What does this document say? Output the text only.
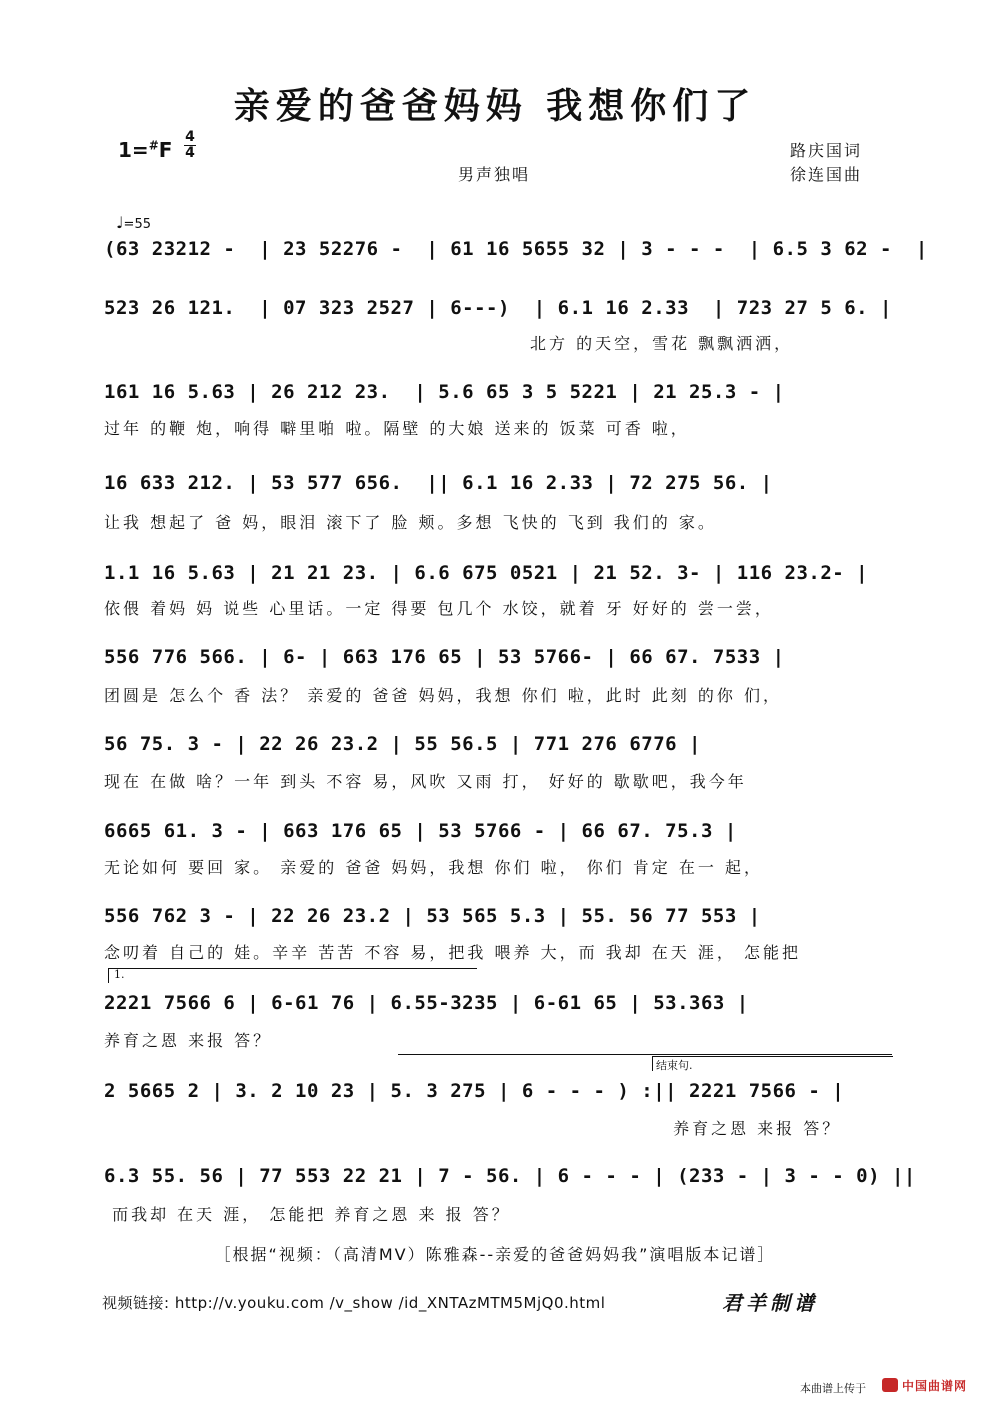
亲爱的爸爸妈妈 我想你们了
1=#F
4
4	路庆国词
徐连国曲
男声独唱
♩=55
(63 23212 -  | 23 52276 -  | 61 16 5655 32 | 3 - - -  | 6.5 3 62 -  |
523 26 121.  | 07 323 2527 | 6---)  | 6.1 16 2.33  | 723 27 5 6. |
北方 的天空，雪花 飘飘洒洒，
161 16 5.63 | 26 212 23.  | 5.6 65 3 5 5221 | 21 25.3 - |
过年 的鞭 炮，响得 噼里啪 啦。隔壁 的大娘 送来的 饭菜 可香 啦，
16 633 212. | 53 577 656.  || 6.1 16 2.33 | 72 275 56. |
让我 想起了 爸 妈，眼泪 滚下了 脸 颊。多想 飞快的 飞到 我们的 家。
1.1 16 5.63 | 21 21 23. | 6.6 675 0521 | 21 52. 3- | 116 23.2- |
依偎 着妈 妈 说些 心里话。一定 得要 包几个 水饺，就着 牙 好好的 尝一尝，
556 776 566. | 6- | 663 176 65 | 53 5766- | 66 67. 7533 |
团圆是 怎么个 香 法？ 亲爱的 爸爸 妈妈，我想 你们 啦，此时 此刻 的你 们，
56 75. 3 - | 22 26 23.2 | 55 56.5 | 771 276 6776 |
现在 在做 啥？一年 到头 不容 易，风吹 又雨 打， 好好的 歇歇吧，我今年
6665 61. 3 - | 663 176 65 | 53 5766 - | 66 67. 75.3 |
无论如何 要回 家。 亲爱的 爸爸 妈妈，我想 你们 啦， 你们 肯定 在一 起，
556 762 3 - | 22 26 23.2 | 53 565 5.3 | 55. 56 77 553 |
念叨着 自己的 娃。辛辛 苦苦 不容 易，把我 喂养 大，而 我却 在天 涯， 怎能把
1.
2221 7566 6 | 6-61 76 | 6.55-3235 | 6-61 65 | 53.363 |
养育之恩 来报 答？
结束句.
2 5665 2 | 3. 2 10 23 | 5. 3 275 | 6 - - - ) :|| 2221 7566 - |
养育之恩 来报 答？
6.3 55. 56 | 77 553 22 21 | 7 - 56. | 6 - - - | (233 - | 3 - - 0) ||
而我却 在天 涯， 怎能把 养育之恩 来 报 答？
［根据“视频：（高清MV）陈雅森--亲爱的爸爸妈妈我”演唱版本记谱］
视频链接: http://v.youku.com /v_show /id_XNTAzMTM5MjQ0.html	君羊制谱
本曲谱上传于	中国曲谱网
